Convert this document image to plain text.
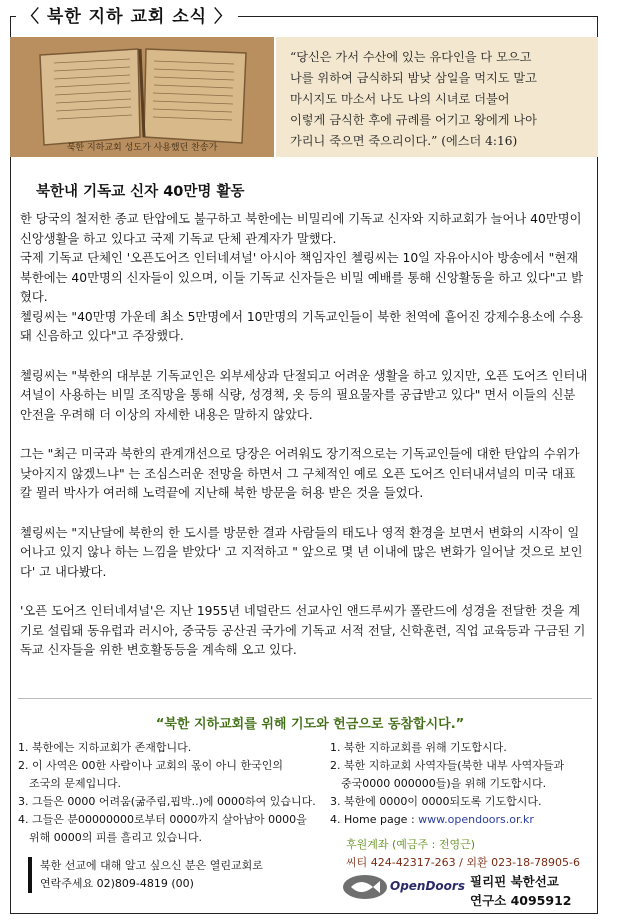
〈 북한 지하 교회 소식 〉
북한 지하교회 성도가 사용했던 찬송가
“당신은 가서 수산에 있는 유다인을 다 모으고
나를 위하여 금식하되 밤낮 삼일을 먹지도 말고
마시지도 마소서 나도 나의 시녀로 더불어
이렇게 금식한 후에 규례를 어기고 왕에게 나아
가리니 죽으면 죽으리이다.” (에스더 4:16)
북한내 기독교 신자 40만명 활동

한 당국의 철저한 종교 탄압에도 불구하고 북한에는 비밀리에 기독교 신자와 지하교회가 늘어나 40만명이 신앙생활을 하고 있다고 국제 기독교 단체 관계자가 말했다.
국제 기독교 단체인 '오픈도어즈 인터네셔널' 아시아 책임자인 첼링씨는 10일 자유아시아 방송에서 "현재 북한에는 40만명의 신자들이 있으며, 이들 기독교 신자들은 비밀 예배를 통해 신앙활동을 하고 있다"고 밝혔다.
첼링씨는 "40만명 가운데 최소 5만명에서 10만명의 기독교인들이 북한 천역에 흩어진 강제수용소에 수용돼 신음하고 있다"고 주장했다.

첼링씨는 "북한의 대부분 기독교인은 외부세상과 단절되고 어려운 생활을 하고 있지만, 오픈 도어즈 인터내셔널이 사용하는 비밀 조직망을 통해 식량, 성경책, 옷 등의 필요물자를 공급받고 있다" 면서 이들의 신분 안전을 우려해 더 이상의 자세한 내용은 말하지 않았다.

그는 "최근 미국과 북한의 관계개선으로 당장은 어려워도 장기적으로는 기독교인들에 대한 탄압의 수위가 낮아지지 않겠느냐" 는 조심스러운 전망을 하면서 그 구체적인 예로 오픈 도어즈 인터내셔널의 미국 대표 칼 뮐러 박사가 여러해 노력끝에 지난해 북한 방문을 허용 받은 것을 들었다.

첼링씨는 "지난달에 북한의 한 도시를 방문한 결과 사람들의 태도나 영적 환경을 보면서 변화의 시작이 일어나고 있지 않나 하는 느낌을 받았다' 고 지적하고 " 앞으로 몇 년 이내에 많은 변화가 일어날 것으로 보인다' 고 내다봤다.

'오픈 도어즈 인터네셔널'은 지난 1955년 네덜란드 선교사인 앤드루씨가 폴란드에 성경을 전달한 것을 계기로 설립돼 동유럽과 러시아, 중국등 공산권 국가에 기독교 서적 전달, 신학훈련, 직업 교육등과 구금된 기독교 신자들을 위한 변호활동등을 계속해 오고 있다.

“북한 지하교회를 위해 기도와 헌금으로 동참합시다.”
1. 북한에는 지하교회가 존재합니다.
2. 이 사역은 00한 사람이나 교회의 몫이 아니 한국인의
조국의 문제입니다.
3. 그들은 0000 어려움(굶주림,핍박..)에 0000하여 있습니다.
4. 그들은 분00000000로부터 0000까지 살아남아 0000을
위해 0000의 피를 흘리고 있습니다.
1. 북한 지하교회를 위해 기도합시다.
2. 북한 지하교회 사역자들(북한 내부 사역자들과
중국0000 000000들)을 위해 기도합시다.
3. 북한에 0000이 0000되도록 기도합시다.
4. Home page : www.opendoors.or.kr
북한 선교에 대해 알고 싶으신 분은 열린교회로
연락주세요 02)809-4819 (00)
후원계좌 (예금주 : 전영근)
씨티 424-42317-263 / 외환 023-18-78905-6
OpenDoors 필리핀 북한선교
연구소 4095912
